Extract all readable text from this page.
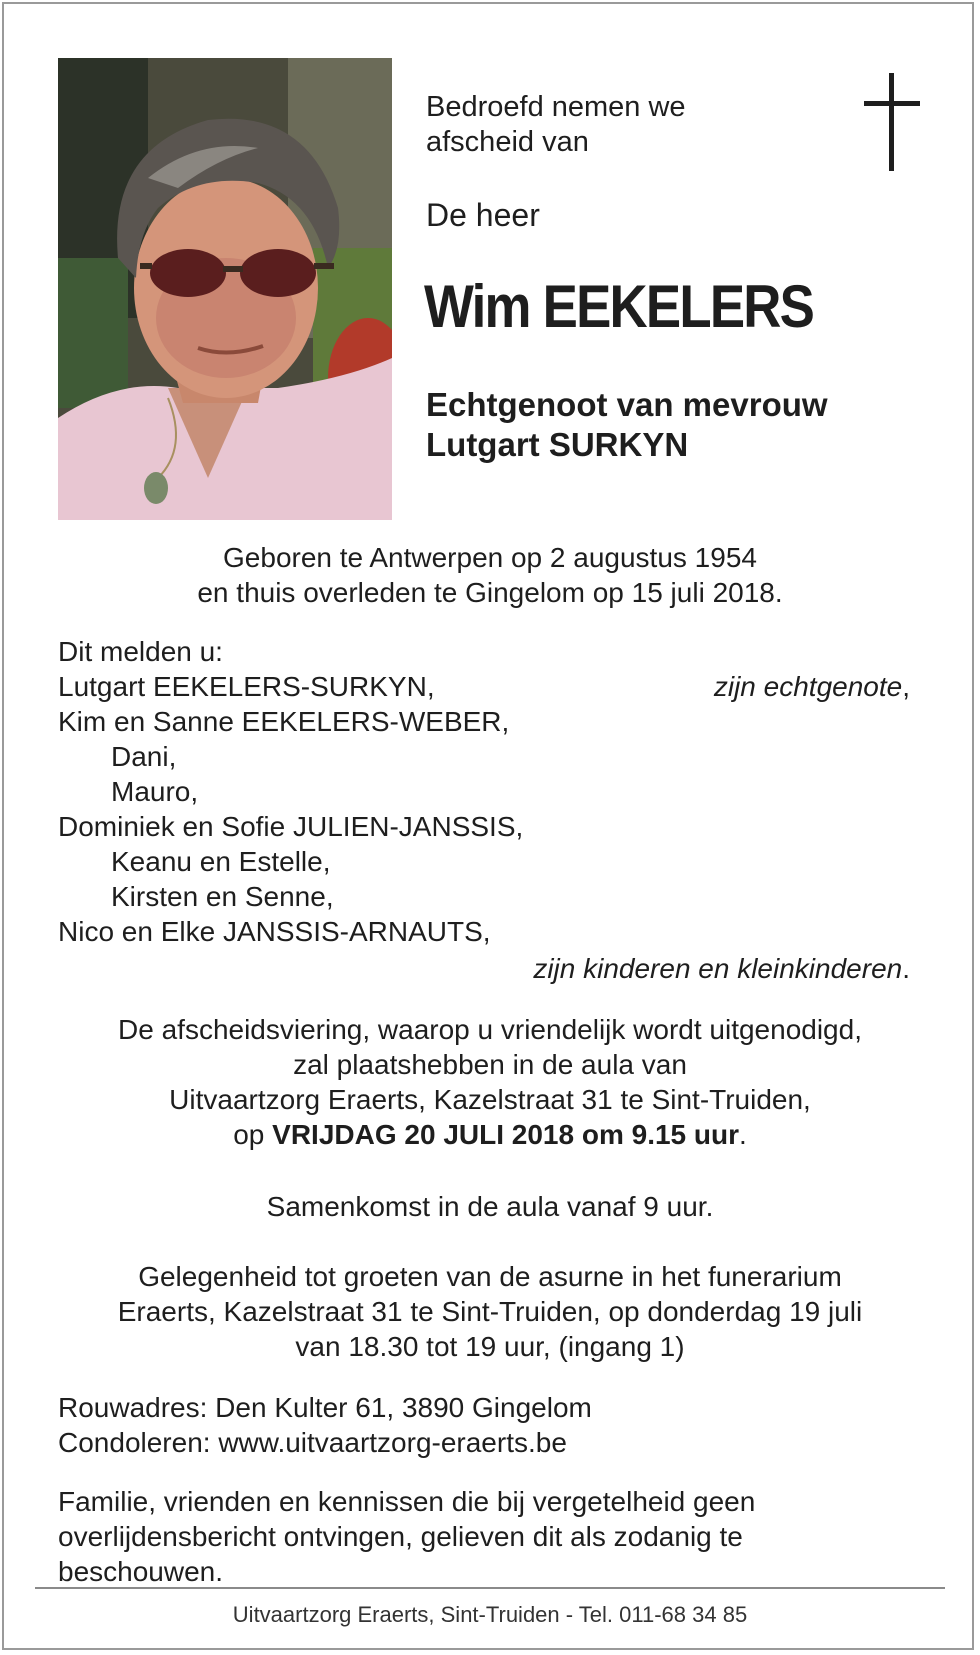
Bedroefd nemen we
afscheid van
De heer
Wim EEKELERS
Echtgenoot van mevrouw
Lutgart SURKYN
Geboren te Antwerpen op 2 augustus 1954
en thuis overleden te Gingelom op 15 juli 2018.
Dit melden u:
Lutgart EEKELERS-SURKYN,
Kim en Sanne EEKELERS-WEBER,
Dani,
Mauro,
Dominiek en Sofie JULIEN-JANSSIS,
Keanu en Estelle,
Kirsten en Senne,
Nico en Elke JANSSIS-ARNAUTS,
zijn echtgenote,
zijn kinderen en kleinkinderen.
De afscheidsviering, waarop u vriendelijk wordt uitgenodigd,
zal plaatshebben in de aula van
Uitvaartzorg Eraerts, Kazelstraat 31 te Sint-Truiden,
op VRIJDAG 20 JULI 2018 om 9.15 uur.
Samenkomst in de aula vanaf 9 uur.
Gelegenheid tot groeten van de asurne in het funerarium
Eraerts, Kazelstraat 31 te Sint-Truiden, op donderdag 19 juli
van 18.30 tot 19 uur, (ingang 1)
Rouwadres: Den Kulter 61, 3890 Gingelom
Condoleren: www.uitvaartzorg-eraerts.be
Familie, vrienden en kennissen die bij vergetelheid geen
overlijdensbericht ontvingen, gelieven dit als zodanig te
beschouwen.
Uitvaartzorg Eraerts, Sint-Truiden - Tel. 011-68 34 85
